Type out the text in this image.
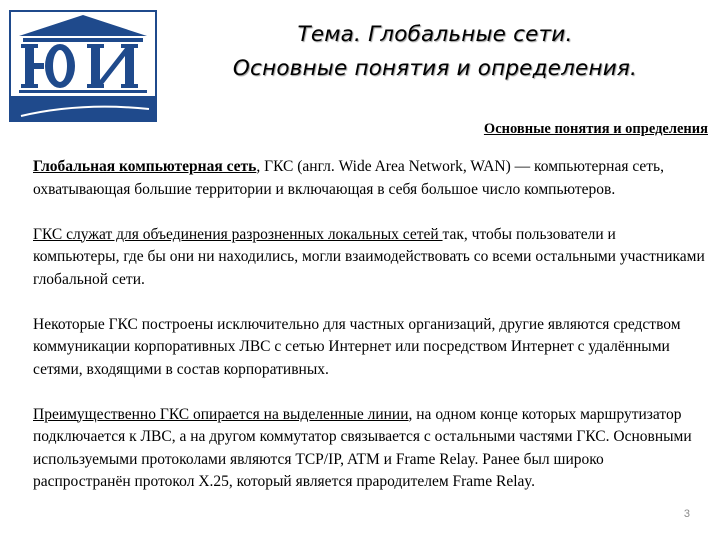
Тема. Глобальные сети.
Основные понятия и определения.
Основные понятия и определения

Глобальная компьютерная сеть, ГКС (англ. Wide Area Network, WAN) — компьютерная сеть, охватывающая большие территории и включающая в себя большое число компьютеров.

ГКС служат для объединения разрозненных локальных сетей так, чтобы пользователи и компьютеры, где бы они ни находились, могли взаимодействовать со всеми остальными участниками глобальной сети.

Некоторые ГКС построены исключительно для частных организаций, другие являются средством коммуникации корпоративных ЛВС с сетью Интернет или посредством Интернет с удалёнными сетями, входящими в состав корпоративных.

Преимущественно ГКС опирается на выделенные линии, на одном конце которых маршрутизатор подключается к ЛВС, а на другом коммутатор связывается с остальными частями ГКС. Основными используемыми протоколами являются TCP/IP, ATM и Frame Relay. Ранее был широко распространён протокол X.25, который является прародителем Frame Relay.

3
